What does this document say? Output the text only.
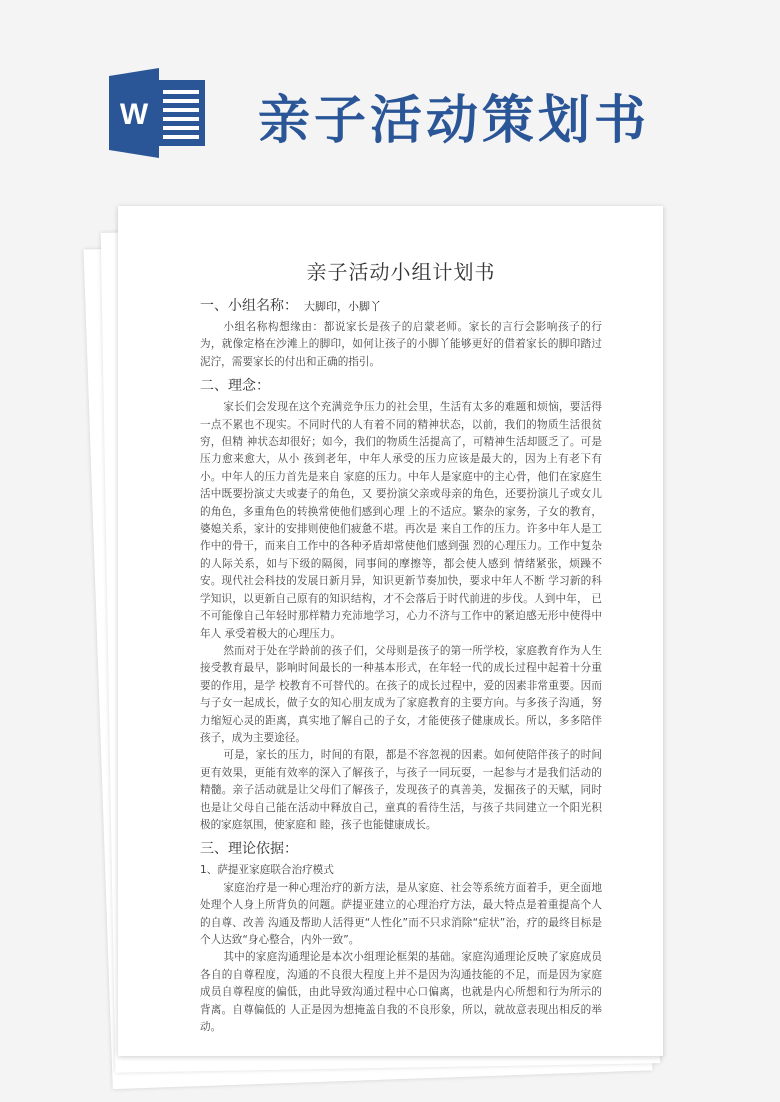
W 亲子活动策划书
亲子活动小组计划书
一、小组名称： 大脚印，小脚丫

小组名称构想缘由：都说家长是孩子的启蒙老师。家长的言行会影响孩子的行为，就像定格在沙滩上的脚印，如何让孩子的小脚丫能够更好的借着家长的脚印踏过泥泞，需要家长的付出和正确的指引。

二、理念：

家长们会发现在这个充满竞争压力的社会里，生活有太多的难题和烦恼，要活得一点不累也不现实。不同时代的人有着不同的精神状态，以前，我们的物质生活很贫穷，但精 神状态却很好；如今，我们的物质生活提高了，可精神生活却匮乏了。可是压力愈来愈大，从小 孩到老年，中年人承受的压力应该是最大的，因为上有老下有小。中年人的压力首先是来自 家庭的压力。中年人是家庭中的主心骨，他们在家庭生活中既要扮演丈夫或妻子的角色，又 要扮演父亲或母亲的角色，还要扮演儿子或女儿的角色，多重角色的转换常使他们感到心理 上的不适应。繁杂的家务，子女的教育，婆媳关系，家计的安排则使他们疲惫不堪。再次是 来自工作的压力。许多中年人是工作中的骨干，而来自工作中的各种矛盾却常使他们感到强 烈的心理压力。工作中复杂的人际关系，如与下级的隔阂，同事间的摩擦等，都会使人感到 情绪紧张，烦躁不安。现代社会科技的发展日新月异，知识更新节奏加快，要求中年人不断 学习新的科学知识，以更新自己原有的知识结构，才不会落后于时代前进的步伐。人到中年， 已不可能像自己年轻时那样精力充沛地学习，心力不济与工作中的紧迫感无形中使得中年人 承受着极大的心理压力。

然而对于处在学龄前的孩子们，父母则是孩子的第一所学校，家庭教育作为人生接受教育最早，影响时间最长的一种基本形式，在年轻一代的成长过程中起着十分重要的作用，是学 校教育不可替代的。在孩子的成长过程中，爱的因素非常重要。因而与子女一起成长，做子女的知心朋友成为了家庭教育的主要方向。与多孩子沟通，努力缩短心灵的距离，真实地了解自己的子女，才能使孩子健康成长。所以，多多陪伴孩子，成为主要途径。

可是，家长的压力，时间的有限，都是不容忽视的因素。如何使陪伴孩子的时间更有效果，更能有效率的深入了解孩子，与孩子一同玩耍，一起参与才是我们活动的精髓。亲子活动就是让父母们了解孩子，发现孩子的真善美，发掘孩子的天赋，同时也是让父母自己能在活动中释放自己，童真的看待生活，与孩子共同建立一个阳光积极的家庭氛围，使家庭和 睦，孩子也能健康成长。

三、理论依据：
1、萨提亚家庭联合治疗模式

家庭治疗是一种心理治疗的新方法，是从家庭、社会等系统方面着手，更全面地处理个人身上所背负的问题。萨提亚建立的心理治疗方法，最大特点是着重提高个人的自尊、改善 沟通及帮助人活得更“人性化”而不只求消除“症状”治，疗的最终目标是个人达致“身心整合，内外一致”。

其中的家庭沟通理论是本次小组理论框架的基础。家庭沟通理论反映了家庭成员各自的自尊程度，沟通的不良很大程度上并不是因为沟通技能的不足，而是因为家庭成员自尊程度的偏低，由此导致沟通过程中心口偏离，也就是内心所想和行为所示的背离。自尊偏低的 人正是因为想掩盖自我的不良形象，所以，就故意表现出相反的举动。
